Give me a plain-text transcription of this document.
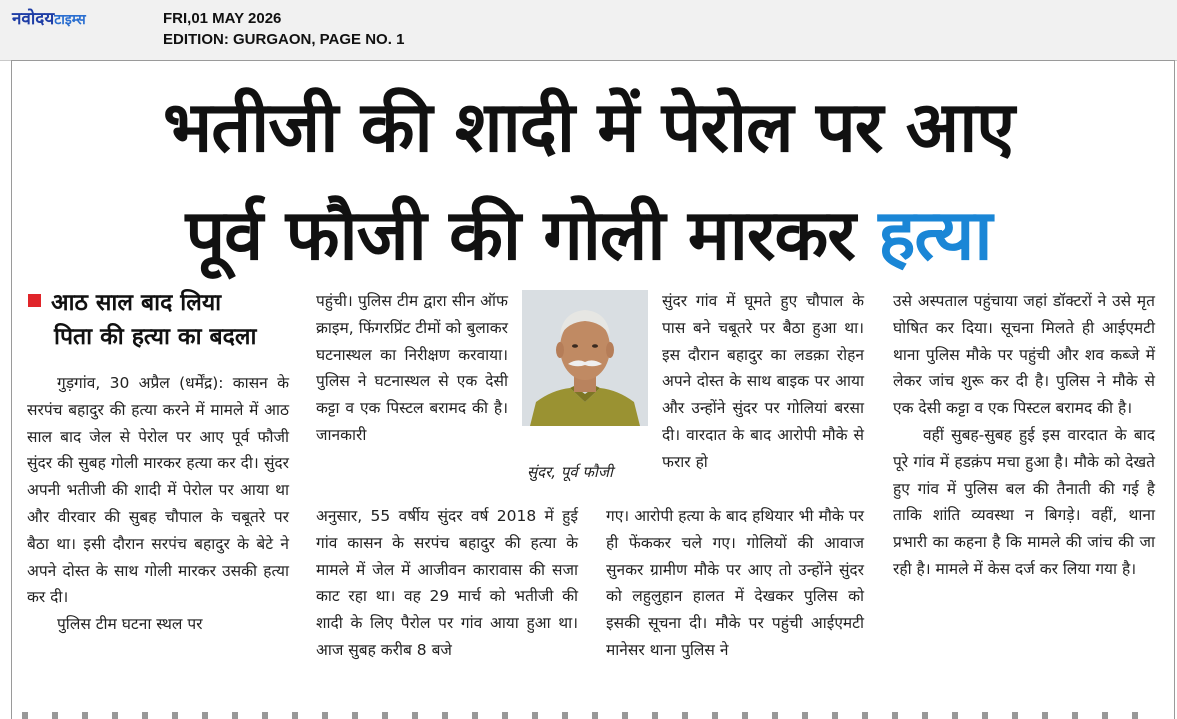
नवोदयटाइम्स	FRI,01 MAY 2026
EDITION: GURGAON, PAGE NO. 1
भतीजी की शादी में पेरोल पर आए
पूर्व फौजी की गोली मारकर हत्या
आठ साल बाद लिया
पिता की हत्या का बदला

गुड़गांव, 30 अप्रैल (धर्मेंद्र): कासन के सरपंच बहादुर की हत्या करने में मामले में आठ साल बाद जेल से पेरोल पर आए पूर्व फौजी सुंदर की सुबह गोली मारकर हत्या कर दी। सुंदर अपनी भतीजी की शादी में पेरोल पर आया था और वीरवार की सुबह चौपाल के चबूतरे पर बैठा था। इसी दौरान सरपंच बहादुर के बेटे ने अपने दोस्त के साथ गोली मारकर उसकी हत्या कर दी।

पुलिस टीम घटना स्थल पर

पहुंची। पुलिस टीम द्वारा सीन ऑफ क्राइम, फिंगरप्रिंट टीमों को बुलाकर घटनास्थल का निरीक्षण करवाया। पुलिस ने घटनास्थल से एक देसी कट्टा व एक पिस्टल बरामद की है। जानकारी

अनुसार, 55 वर्षीय सुंदर वर्ष 2018 में हुई गांव कासन के सरपंच बहादुर की हत्या के मामले में जेल में आजीवन कारावास की सजा काट रहा था। वह 29 मार्च को भतीजी की शादी के लिए पैरोल पर गांव आया हुआ था। आज सुबह करीब 8 बजे

सुंदर, पूर्व फौजी

सुंदर गांव में घूमते हुए चौपाल के पास बने चबूतरे पर बैठा हुआ था। इस दौरान बहादुर का लडक़ा रोहन अपने दोस्त के साथ बाइक पर आया और उन्होंने सुंदर पर गोलियां बरसा दी। वारदात के बाद आरोपी मौके से फरार हो

गए। आरोपी हत्या के बाद हथियार भी मौके पर ही फेंककर चले गए। गोलियों की आवाज सुनकर ग्रामीण मौके पर आए तो उन्होंने सुंदर को लहुलुहान हालत में देखकर पुलिस को इसकी सूचना दी। मौके पर पहुंची आईएमटी मानेसर थाना पुलिस ने

उसे अस्पताल पहुंचाया जहां डॉक्टरों ने उसे मृत घोषित कर दिया। सूचना मिलते ही आईएमटी थाना पुलिस मौके पर पहुंची और शव कब्जे में लेकर जांच शुरू कर दी है। पुलिस ने मौके से एक देसी कट्टा व एक पिस्टल बरामद की है।

वहीं सुबह-सुबह हुई इस वारदात के बाद पूरे गांव में हडक़ंप मचा हुआ है। मौके को देखते हुए गांव में पुलिस बल की तैनाती की गई है ताकि शांति व्यवस्था न बिगड़े। वहीं, थाना प्रभारी का कहना है कि मामले की जांच की जा रही है। मामले में केस दर्ज कर लिया गया है।
